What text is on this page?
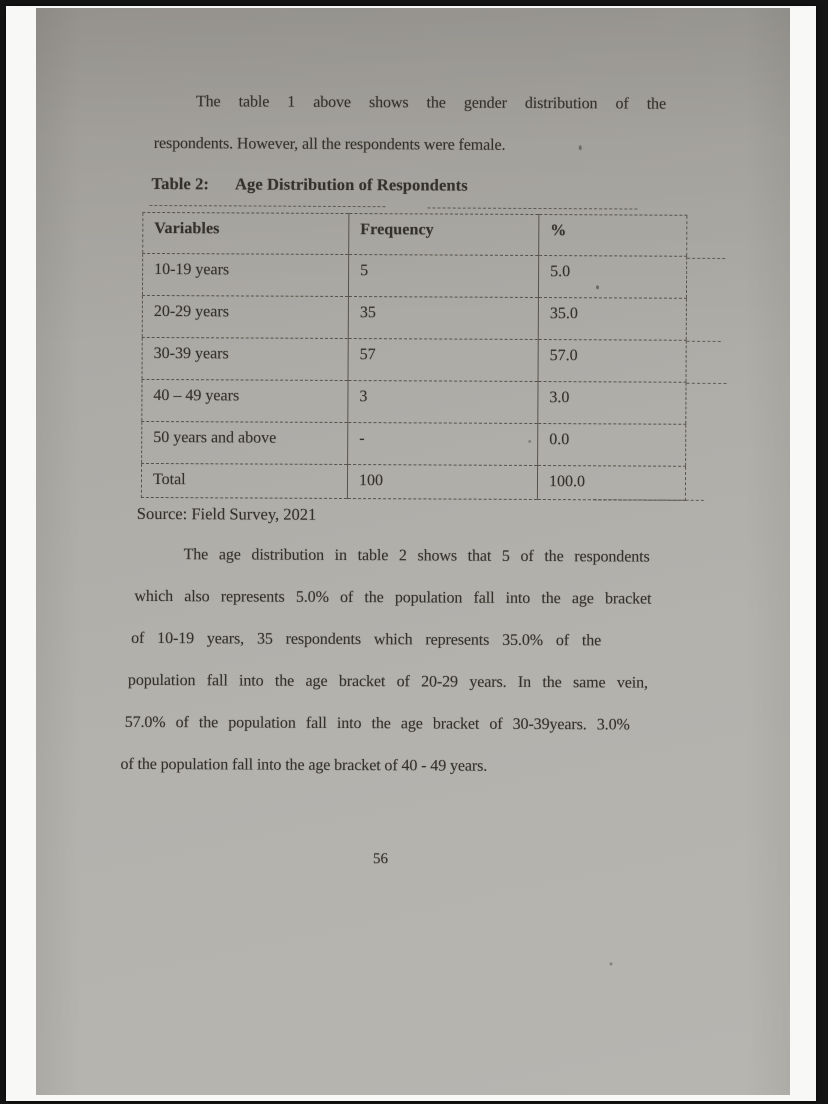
The table 1 above shows the gender distribution of the
respondents. However, all the respondents were female.
Table 2: Age Distribution of Respondents
Variables	Frequency	%
10-19 years	5	5.0
20-29 years	35	35.0
30-39 years	57	57.0
40 – 49 years	3	3.0
50 years and above	-	0.0
Total	100	100.0
Source: Field Survey, 2021
The age distribution in table 2 shows that 5 of the respondents
which also represents 5.0% of the population fall into the age bracket
of 10-19 years, 35 respondents which represents 35.0% of the
population fall into the age bracket of 20-29 years. In the same vein,
57.0% of the population fall into the age bracket of 30-39years. 3.0%
of the population fall into the age bracket of 40 - 49 years.
56
